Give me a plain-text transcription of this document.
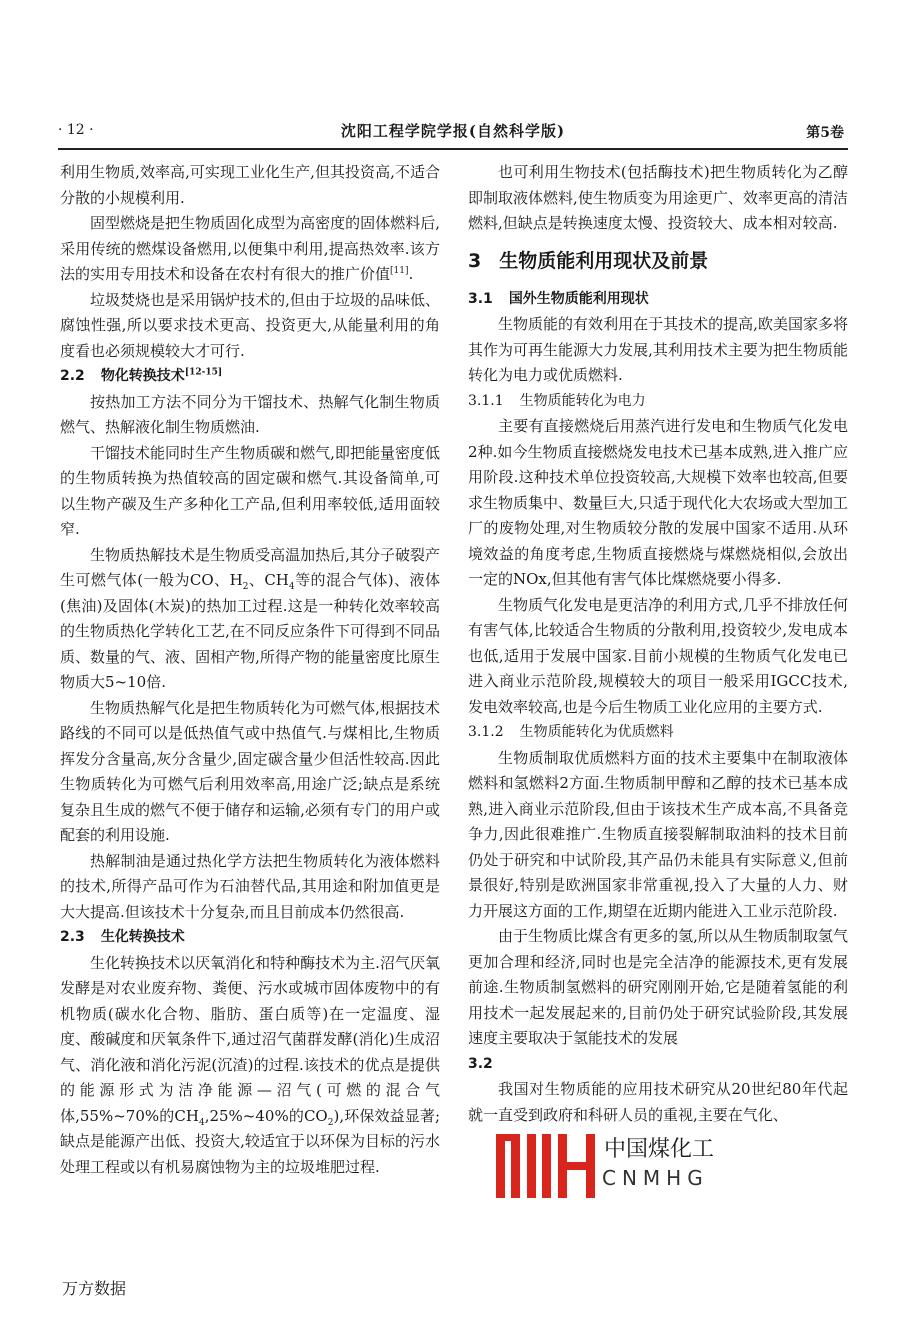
· 12 ·	沈阳工程学院学报(自然科学版)	第5卷

利用生物质,效率高,可实现工业化生产,但其投资高,不适合分散的小规模利用.

固型燃烧是把生物质固化成型为高密度的固体燃料后,采用传统的燃煤设备燃用,以便集中利用,提高热效率.该方法的实用专用技术和设备在农村有很大的推广价值[11].

垃圾焚烧也是采用锅炉技术的,但由于垃圾的品味低、腐蚀性强,所以要求技术更高、投资更大,从能量利用的角度看也必须规模较大才可行.

2.2 物化转换技术[12-15]

按热加工方法不同分为干馏技术、热解气化制生物质燃气、热解液化制生物质燃油.

干馏技术能同时生产生物质碳和燃气,即把能量密度低的生物质转换为热值较高的固定碳和燃气.其设备简单,可以生物产碳及生产多种化工产品,但利用率较低,适用面较窄.

生物质热解技术是生物质受高温加热后,其分子破裂产生可燃气体(一般为CO、$H_2$、$CH_4$等的混合气体)、液体(焦油)及固体(木炭)的热加工过程.这是一种转化效率较高的生物质热化学转化工艺,在不同反应条件下可得到不同品质、数量的气、液、固相产物,所得产物的能量密度比原生物质大5~10倍.

生物质热解气化是把生物质转化为可燃气体,根据技术路线的不同可以是低热值气或中热值气.与煤相比,生物质挥发分含量高,灰分含量少,固定碳含量少但活性较高.因此生物质转化为可燃气后利用效率高,用途广泛;缺点是系统复杂且生成的燃气不便于储存和运输,必须有专门的用户或配套的利用设施.

热解制油是通过热化学方法把生物质转化为液体燃料的技术,所得产品可作为石油替代品,其用途和附加值更是大大提高.但该技术十分复杂,而且目前成本仍然很高.

2.3 生化转换技术

生化转换技术以厌氧消化和特种酶技术为主.沼气厌氧发酵是对农业废弃物、粪便、污水或城市固体废物中的有机物质(碳水化合物、脂肪、蛋白质等)在一定温度、湿度、酸碱度和厌氧条件下,通过沼气菌群发酵(消化)生成沼气、消化液和消化污泥(沉渣)的过程.该技术的优点是提供的能源形式为洁净能源—沼气(可燃的混合气体,55%~70%的$CH_4,25\%\sim 40\%$的$CO_2$),环保效益显著;缺点是能源产出低、投资大,较适宜于以环保为目标的污水处理工程或以有机易腐蚀物为主的垃圾堆肥过程.

也可利用生物技术(包括酶技术)把生物质转化为乙醇即制取液体燃料,使生物质变为用途更广、效率更高的清洁燃料,但缺点是转换速度太慢、投资较大、成本相对较高.

3 生物质能利用现状及前景
3.1 国外生物质能利用现状

生物质能的有效利用在于其技术的提高,欧美国家多将其作为可再生能源大力发展,其利用技术主要为把生物质能转化为电力或优质燃料.

3.1.1 生物质能转化为电力

主要有直接燃烧后用蒸汽进行发电和生物质气化发电2种.如今生物质直接燃烧发电技术已基本成熟,进入推广应用阶段.这种技术单位投资较高,大规模下效率也较高,但要求生物质集中、数量巨大,只适于现代化大农场或大型加工厂的废物处理,对生物质较分散的发展中国家不适用.从环境效益的角度考虑,生物质直接燃烧与煤燃烧相似,会放出一定的NOx,但其他有害气体比煤燃烧要小得多.

生物质气化发电是更洁净的利用方式,几乎不排放任何有害气体,比较适合生物质的分散利用,投资较少,发电成本也低,适用于发展中国家.目前小规模的生物质气化发电已进入商业示范阶段,规模较大的项目一般采用IGCC技术,发电效率较高,也是今后生物质工业化应用的主要方式.

3.1.2 生物质能转化为优质燃料

生物质制取优质燃料方面的技术主要集中在制取液体燃料和氢燃料2方面.生物质制甲醇和乙醇的技术已基本成熟,进入商业示范阶段,但由于该技术生产成本高,不具备竞争力,因此很难推广.生物质直接裂解制取油料的技术目前仍处于研究和中试阶段,其产品仍未能具有实际意义,但前景很好,特别是欧洲国家非常重视,投入了大量的人力、财力开展这方面的工作,期望在近期内能进入工业示范阶段.

由于生物质比煤含有更多的氢,所以从生物质制取氢气更加合理和经济,同时也是完全洁净的能源技术,更有发展前途.生物质制氢燃料的研究刚刚开始,它是随着氢能的利用技术一起发展起来的,目前仍处于研究试验阶段,其发展速度主要取决于氢能技术的发展

3.2

我国对生物质能的应用技术研究从20世纪80年代起就一直受到政府和科研人员的重视,主要在气化、

中国煤化工
CNMHG
万方数据
